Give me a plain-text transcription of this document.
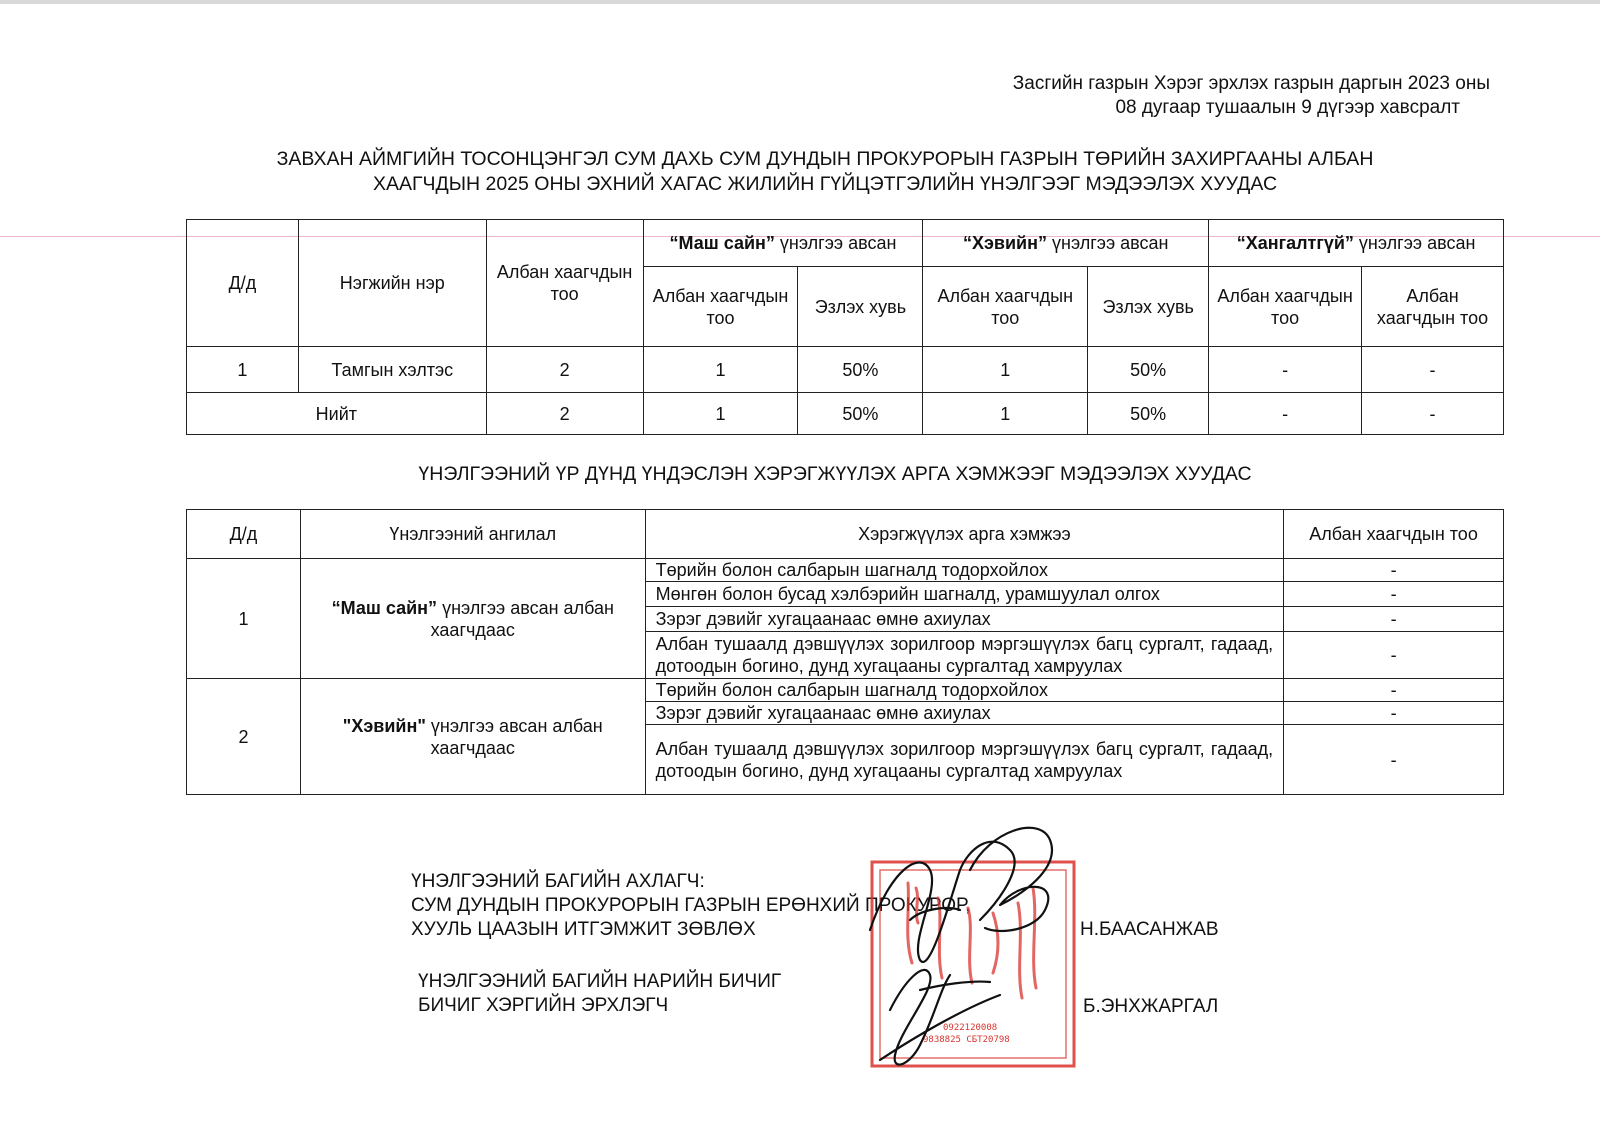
Засгийн газрын Хэрэг эрхлэх газрын даргын 2023 оны
08 дугаар тушаалын 9 дүгээр хавсралт
ЗАВХАН АЙМГИЙН ТОСОНЦЭНГЭЛ СУМ ДАХЬ СУМ ДУНДЫН ПРОКУРОРЫН ГАЗРЫН ТӨРИЙН ЗАХИРГААНЫ АЛБАН
ХААГЧДЫН 2025 ОНЫ ЭХНИЙ ХАГАС ЖИЛИЙН ГҮЙЦЭТГЭЛИЙН ҮНЭЛГЭЭГ МЭДЭЭЛЭХ ХУУДАС
Д/д	Нэгжийн нэр	Албан хаагчдын тоо	“Маш сайн” үнэлгээ авсан		“Хэвийн” үнэлгээ авсан		“Хангалтгүй” үнэлгээ авсан	
			Албан хаагчдын тоо	Эзлэх хувь	Албан хаагчдын тоо	Эзлэх хувь	Албан хаагчдын тоо	Албан хаагчдын тоо
1	Тамгын хэлтэс	2	1	50%	1	50%	-	-
Нийт		2	1	50%	1	50%	-	-
ҮНЭЛГЭЭНИЙ ҮР ДҮНД ҮНДЭСЛЭН ХЭРЭГЖҮҮЛЭХ АРГА ХЭМЖЭЭГ МЭДЭЭЛЭХ ХУУДАС
Д/д	Үнэлгээний ангилал	Хэрэгжүүлэх арга хэмжээ	Албан хаагчдын тоо
1	“Маш сайн” үнэлгээ авсан албан хаагчдаас	Төрийн болон салбарын шагналд тодорхойлох	-
		Мөнгөн болон бусад хэлбэрийн шагналд, урамшуулал олгох	-
		Зэрэг дэвийг хугацаанаас өмнө ахиулах	-
		Албан тушаалд дэвшүүлэх зорилгоор мэргэшүүлэх багц сургалт, гадаад, дотоодын богино, дунд хугацааны сургалтад хамруулах	-
2	"Хэвийн" үнэлгээ авсан албан хаагчдаас	Төрийн болон салбарын шагналд тодорхойлох	-
		Зэрэг дэвийг хугацаанаас өмнө ахиулах	-
		Албан тушаалд дэвшүүлэх зорилгоор мэргэшүүлэх багц сургалт, гадаад, дотоодын богино, дунд хугацааны сургалтад хамруулах	-
ҮНЭЛГЭЭНИЙ БАГИЙН АХЛАГЧ:
СУМ ДУНДЫН ПРОКУРОРЫН ГАЗРЫН ЕРӨНХИЙ ПРОКУРОР,
ХУУЛЬ ЦААЗЫН ИТГЭМЖИТ ЗӨВЛӨХ	Н.БААСАНЖАВ
ҮНЭЛГЭЭНИЙ БАГИЙН НАРИЙН БИЧИГ
БИЧИГ ХЭРГИЙН ЭРХЛЭГЧ	Б.ЭНХЖАРГАЛ
0922120008
9838825 СБТ20798
